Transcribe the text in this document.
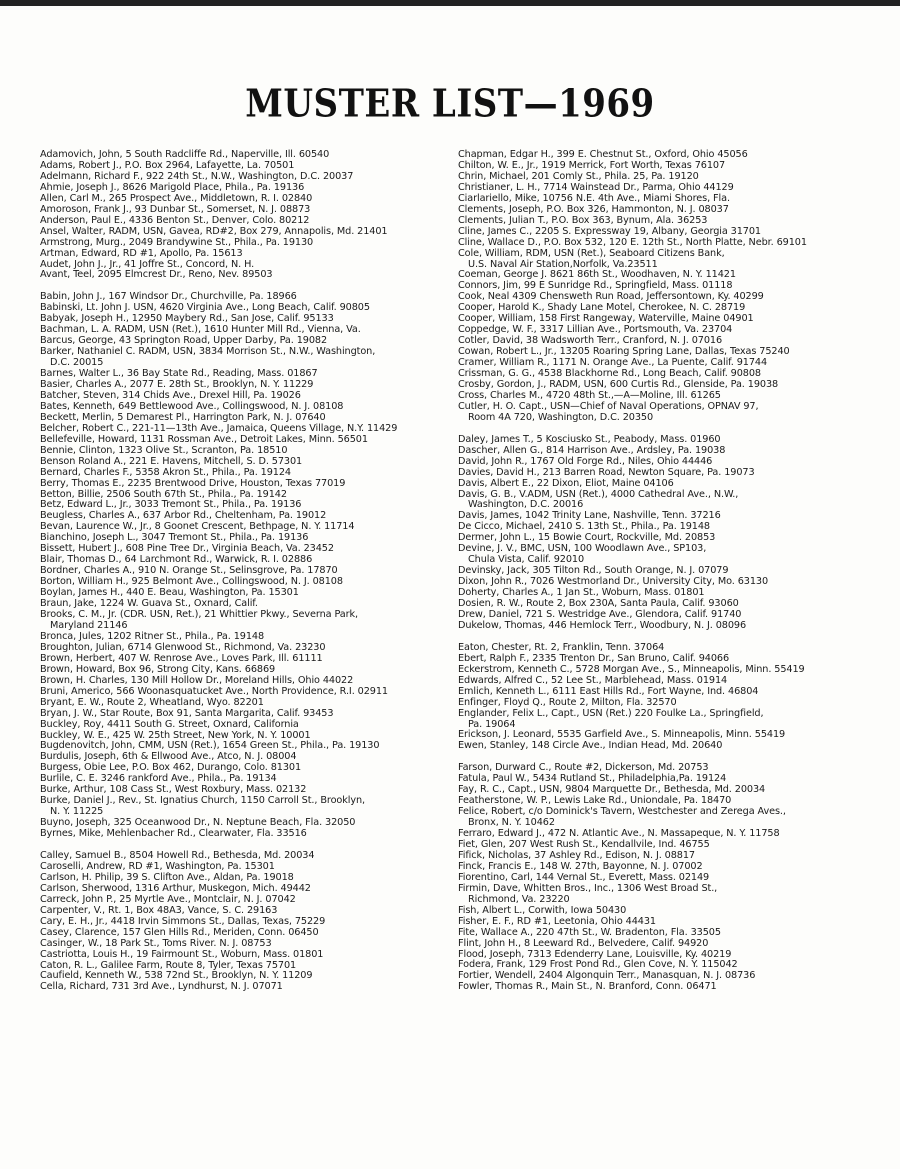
MUSTER LIST—1969
Adamovich, John, 5 South Radcliffe Rd., Naperville, Ill. 60540
Adams, Robert J., P.O. Box 2964, Lafayette, La. 70501
Adelmann, Richard F., 922 24th St., N.W., Washington, D.C. 20037
Ahmie, Joseph J., 8626 Marigold Place, Phila., Pa. 19136
Allen, Carl M., 265 Prospect Ave., Middletown, R. I. 02840
Amoroson, Frank J., 93 Dunbar St., Somerset, N. J. 08873
Anderson, Paul E., 4336 Benton St., Denver, Colo. 80212
Ansel, Walter, RADM, USN, Gavea, RD#2, Box 279, Annapolis, Md. 21401
Armstrong, Murg., 2049 Brandywine St., Phila., Pa. 19130
Artman, Edward, RD #1, Apollo, Pa. 15613
Audet, John J., Jr., 41 Joffre St., Concord, N. H.
Avant, Teel, 2095 Elmcrest Dr., Reno, Nev. 89503
Babin, John J., 167 Windsor Dr., Churchville, Pa. 18966
Babinski, Lt. John J. USN, 4620 Virginia Ave., Long Beach, Calif. 90805
Babyak, Joseph H., 12950 Maybery Rd., San Jose, Calif. 95133
Bachman, L. A. RADM, USN (Ret.), 1610 Hunter Mill Rd., Vienna, Va.
Barcus, George, 43 Springton Road, Upper Darby, Pa. 19082
Barker, Nathaniel C. RADM, USN, 3834 Morrison St., N.W., Washington,
D.C. 20015
Barnes, Walter L., 36 Bay State Rd., Reading, Mass. 01867
Basier, Charles A., 2077 E. 28th St., Brooklyn, N. Y. 11229
Batcher, Steven, 314 Chids Ave., Drexel Hill, Pa. 19026
Bates, Kenneth, 649 Bettlewood Ave., Collingswood, N. J. 08108
Beckett, Merlin, 5 Demarest Pl., Harrington Park, N. J. 07640
Belcher, Robert C., 221-11—13th Ave., Jamaica, Queens Village, N.Y. 11429
Bellefeville, Howard, 1131 Rossman Ave., Detroit Lakes, Minn. 56501
Bennie, Clinton, 1323 Olive St., Scranton, Pa. 18510
Benson Roland A., 221 E. Havens, Mitchell, S. D. 57301
Bernard, Charles F., 5358 Akron St., Phila., Pa. 19124
Berry, Thomas E., 2235 Brentwood Drive, Houston, Texas 77019
Betton, Billie, 2506 South 67th St., Phila., Pa. 19142
Betz, Edward L., Jr., 3033 Tremont St., Phila., Pa. 19136
Beugless, Charles A., 637 Arbor Rd., Cheltenham, Pa. 19012
Bevan, Laurence W., Jr., 8 Goonet Crescent, Bethpage, N. Y. 11714
Bianchino, Joseph L., 3047 Tremont St., Phila., Pa. 19136
Bissett, Hubert J., 608 Pine Tree Dr., Virginia Beach, Va. 23452
Blair, Thomas D., 64 Larchmont Rd., Warwick, R. I. 02886
Bordner, Charles A., 910 N. Orange St., Selinsgrove, Pa. 17870
Borton, William H., 925 Belmont Ave., Collingswood, N. J. 08108
Boylan, James H., 440 E. Beau, Washington, Pa. 15301
Braun, Jake, 1224 W. Guava St., Oxnard, Calif.
Brooks, C. M., Jr. (CDR. USN, Ret.), 21 Whittier Pkwy., Severna Park,
Maryland 21146
Bronca, Jules, 1202 Ritner St., Phila., Pa. 19148
Broughton, Julian, 6714 Glenwood St., Richmond, Va. 23230
Brown, Herbert, 407 W. Renrose Ave., Loves Park, Ill. 61111
Brown, Howard, Box 96, Strong City, Kans. 66869
Brown, H. Charles, 130 Mill Hollow Dr., Moreland Hills, Ohio 44022
Bruni, Americo, 566 Woonasquatucket Ave., North Providence, R.I. 02911
Bryant, E. W., Route 2, Wheatland, Wyo. 82201
Bryan, J. W., Star Route, Box 91, Santa Margarita, Calif. 93453
Buckley, Roy, 4411 South G. Street, Oxnard, California
Buckley, W. E., 425 W. 25th Street, New York, N. Y. 10001
Bugdenovitch, John, CMM, USN (Ret.), 1654 Green St., Phila., Pa. 19130
Burdulis, Joseph, 6th & Ellwood Ave., Atco, N. J. 08004
Burgess, Obie Lee, P.O. Box 462, Durango, Colo. 81301
Burlile, C. E. 3246 rankford Ave., Phila., Pa. 19134
Burke, Arthur, 108 Cass St., West Roxbury, Mass. 02132
Burke, Daniel J., Rev., St. Ignatius Church, 1150 Carroll St., Brooklyn,
N. Y. 11225
Buyno, Joseph, 325 Oceanwood Dr., N. Neptune Beach, Fla. 32050
Byrnes, Mike, Mehlenbacher Rd., Clearwater, Fla. 33516
Calley, Samuel B., 8504 Howell Rd., Bethesda, Md. 20034
Caroselli, Andrew, RD #1, Washington, Pa. 15301
Carlson, H. Philip, 39 S. Clifton Ave., Aldan, Pa. 19018
Carlson, Sherwood, 1316 Arthur, Muskegon, Mich. 49442
Carreck, John P., 25 Myrtle Ave., Montclair, N. J. 07042
Carpenter, V., Rt. 1, Box 48A3, Vance, S. C. 29163
Cary, E. H., Jr., 4418 Irvin Simmons St., Dallas, Texas, 75229
Casey, Clarence, 157 Glen Hills Rd., Meriden, Conn. 06450
Casinger, W., 18 Park St., Toms River. N. J. 08753
Castriotta, Louis H., 19 Fairmount St., Woburn, Mass. 01801
Caton, R. L., Galilee Farm, Route 8, Tyler, Texas 75701
Caufield, Kenneth W., 538 72nd St., Brooklyn, N. Y. 11209
Cella, Richard, 731 3rd Ave., Lyndhurst, N. J. 07071
Chapman, Edgar H., 399 E. Chestnut St., Oxford, Ohio 45056
Chilton, W. E., Jr., 1919 Merrick, Fort Worth, Texas 76107
Chrin, Michael, 201 Comly St., Phila. 25, Pa. 19120
Christianer, L. H., 7714 Wainstead Dr., Parma, Ohio 44129
Ciarlariello, Mike, 10756 N.E. 4th Ave., Miami Shores, Fla.
Clements, Joseph, P.O. Box 326, Hammonton, N. J. 08037
Clements, Julian T., P.O. Box 363, Bynum, Ala. 36253
Cline, James C., 2205 S. Expressway 19, Albany, Georgia 31701
Cline, Wallace D., P.O. Box 532, 120 E. 12th St., North Platte, Nebr. 69101
Cole, William, RDM, USN (Ret.), Seaboard Citizens Bank,
U.S. Naval Air Station,Norfolk, Va.23511
Coeman, George J. 8621 86th St., Woodhaven, N. Y. 11421
Connors, Jim, 99 E Sunridge Rd., Springfield, Mass. 01118
Cook, Neal 4309 Chensweth Run Road, Jeffersontown, Ky. 40299
Cooper, Harold K., Shady Lane Motel, Cherokee, N. C. 28719
Cooper, William, 158 First Rangeway, Waterville, Maine 04901
Coppedge, W. F., 3317 Lillian Ave., Portsmouth, Va. 23704
Cotler, David, 38 Wadsworth Terr., Cranford, N. J. 07016
Cowan, Robert L., Jr., 13205 Roaring Spring Lane, Dallas, Texas 75240
Cramer, William R., 1171 N. Orange Ave., La Puente, Calif. 91744
Crissman, G. G., 4538 Blackhorne Rd., Long Beach, Calif. 90808
Crosby, Gordon, J., RADM, USN, 600 Curtis Rd., Glenside, Pa. 19038
Cross, Charles M., 4720 48th St.,—A—Moline, Ill. 61265
Cutler, H. O. Capt., USN—Chief of Naval Operations, OPNAV 97,
Room 4A 720, Washington, D.C. 20350
Daley, James T., 5 Kosciusko St., Peabody, Mass. 01960
Dascher, Allen G., 814 Harrison Ave., Ardsley, Pa. 19038
David, John R., 1767 Old Forge Rd., Niles, Ohio 44446
Davies, David H., 213 Barren Road, Newton Square, Pa. 19073
Davis, Albert E., 22 Dixon, Eliot, Maine 04106
Davis, G. B., V.ADM, USN (Ret.), 4000 Cathedral Ave., N.W.,
Washington, D.C. 20016
Davis, James, 1042 Trinity Lane, Nashville, Tenn. 37216
De Cicco, Michael, 2410 S. 13th St., Phila., Pa. 19148
Dermer, John L., 15 Bowie Court, Rockville, Md. 20853
Devine, J. V., BMC, USN, 100 Woodlawn Ave., SP103,
Chula Vista, Calif. 92010
Devinsky, Jack, 305 Tilton Rd., South Orange, N. J. 07079
Dixon, John R., 7026 Westmorland Dr., University City, Mo. 63130
Doherty, Charles A., 1 Jan St., Woburn, Mass. 01801
Dosien, R. W., Route 2, Box 230A, Santa Paula, Calif. 93060
Drew, Daniel, 721 S. Westridge Ave., Glendora, Calif. 91740
Dukelow, Thomas, 446 Hemlock Terr., Woodbury, N. J. 08096
Eaton, Chester, Rt. 2, Franklin, Tenn. 37064
Ebert, Ralph F., 2335 Trenton Dr., San Bruno, Calif. 94066
Eckerstrom, Kenneth C., 5728 Morgan Ave., S., Minneapolis, Minn. 55419
Edwards, Alfred C., 52 Lee St., Marblehead, Mass. 01914
Emlich, Kenneth L., 6111 East Hills Rd., Fort Wayne, Ind. 46804
Enfinger, Floyd Q., Route 2, Milton, Fla. 32570
Englander, Felix L., Capt., USN (Ret.) 220 Foulke La., Springfield,
Pa. 19064
Erickson, J. Leonard, 5535 Garfield Ave., S. Minneapolis, Minn. 55419
Ewen, Stanley, 148 Circle Ave., Indian Head, Md. 20640
Farson, Durward C., Route #2, Dickerson, Md. 20753
Fatula, Paul W., 5434 Rutland St., Philadelphia,Pa. 19124
Fay, R. C., Capt., USN, 9804 Marquette Dr., Bethesda, Md. 20034
Featherstone, W. P., Lewis Lake Rd., Uniondale, Pa. 18470
Felice, Robert, c/o Dominick's Tavern, Westchester and Zerega Aves.,
Bronx, N. Y. 10462
Ferraro, Edward J., 472 N. Atlantic Ave., N. Massapeque, N. Y. 11758
Fiet, Glen, 207 West Rush St., Kendallvile, Ind. 46755
Fifick, Nicholas, 37 Ashley Rd., Edison, N. J. 08817
Finck, Francis E., 148 W. 27th, Bayonne, N. J. 07002
Fiorentino, Carl, 144 Vernal St., Everett, Mass. 02149
Firmin, Dave, Whitten Bros., Inc., 1306 West Broad St.,
Richmond, Va. 23220
Fish, Albert L., Corwith, Iowa 50430
Fisher, E. F., RD #1, Leetonia, Ohio 44431
Fite, Wallace A., 220 47th St., W. Bradenton, Fla. 33505
Flint, John H., 8 Leeward Rd., Belvedere, Calif. 94920
Flood, Joseph, 7313 Edenderry Lane, Louisville, Ky. 40219
Fodera, Frank, 129 Frost Pond Rd., Glen Cove, N. Y. 115042
Fortier, Wendell, 2404 Algonquin Terr., Manasquan, N. J. 08736
Fowler, Thomas R., Main St., N. Branford, Conn. 06471
